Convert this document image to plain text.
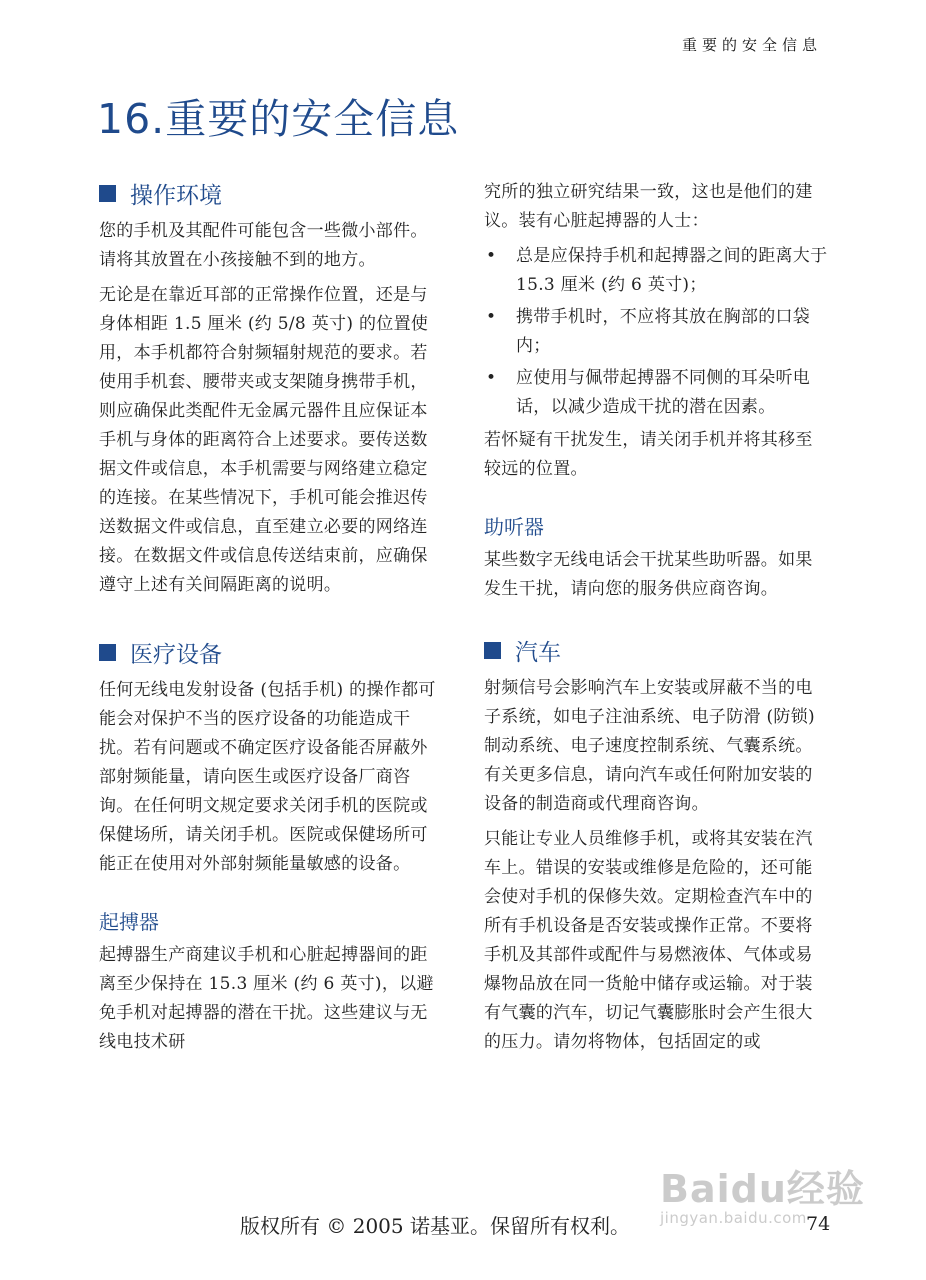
重要的安全信息
16.重要的安全信息
操作环境

您的手机及其配件可能包含一些微小部件。请将其放置在小孩接触不到的地方。

无论是在靠近耳部的正常操作位置，还是与身体相距 1.5 厘米 (约 5/8 英寸) 的位置使用，本手机都符合射频辐射规范的要求。若使用手机套、腰带夹或支架随身携带手机，则应确保此类配件无金属元器件且应保证本手机与身体的距离符合上述要求。要传送数据文件或信息，本手机需要与网络建立稳定的连接。在某些情况下，手机可能会推迟传送数据文件或信息，直至建立必要的网络连接。在数据文件或信息传送结束前，应确保遵守上述有关间隔距离的说明。

医疗设备

任何无线电发射设备 (包括手机) 的操作都可能会对保护不当的医疗设备的功能造成干扰。若有问题或不确定医疗设备能否屏蔽外部射频能量，请向医生或医疗设备厂商咨询。在任何明文规定要求关闭手机的医院或保健场所，请关闭手机。医院或保健场所可能正在使用对外部射频能量敏感的设备。

起搏器

起搏器生产商建议手机和心脏起搏器间的距离至少保持在 15.3 厘米 (约 6 英寸)，以避免手机对起搏器的潜在干扰。这些建议与无线电技术研

究所的独立研究结果一致，这也是他们的建议。装有心脏起搏器的人士：

• 总是应保持手机和起搏器之间的距离大于 15.3 厘米 (约 6 英寸)；
• 携带手机时，不应将其放在胸部的口袋内；
• 应使用与佩带起搏器不同侧的耳朵听电话，以减少造成干扰的潜在因素。

若怀疑有干扰发生，请关闭手机并将其移至较远的位置。

助听器

某些数字无线电话会干扰某些助听器。如果发生干扰，请向您的服务供应商咨询。

汽车

射频信号会影响汽车上安装或屏蔽不当的电子系统，如电子注油系统、电子防滑 (防锁) 制动系统、电子速度控制系统、气囊系统。有关更多信息，请向汽车或任何附加安装的设备的制造商或代理商咨询。

只能让专业人员维修手机，或将其安装在汽车上。错误的安装或维修是危险的，还可能会使对手机的保修失效。定期检查汽车中的所有手机设备是否安装或操作正常。不要将手机及其部件或配件与易燃液体、气体或易爆物品放在同一货舱中储存或运输。对于装有气囊的汽车，切记气囊膨胀时会产生很大的压力。请勿将物体，包括固定的或

版权所有 © 2005 诺基亚。保留所有权利。	74
Baidu经验
jingyan.baidu.com
